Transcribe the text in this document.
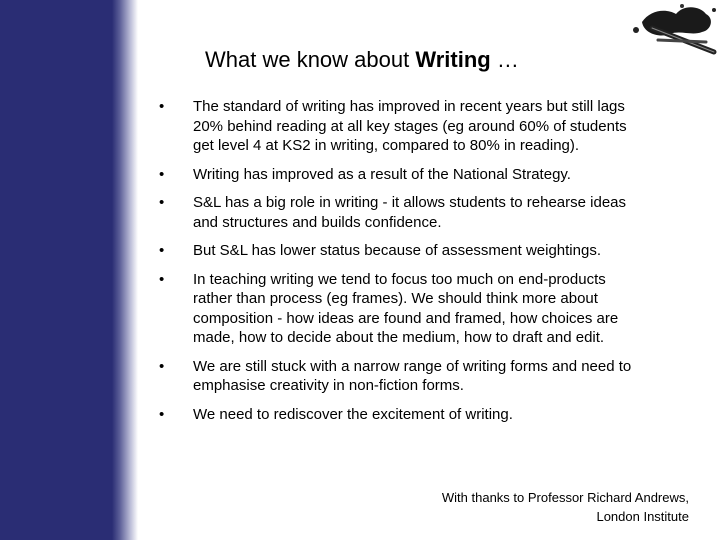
What we know about Writing …
•	The standard of writing has improved in recent years but still lags 20% behind reading at all key stages (eg around 60% of students get level 4 at KS2 in writing, compared to 80% in reading).
•	Writing has improved as a result of the National Strategy.
•	S&L has a big role in writing - it allows students to rehearse ideas and structures and builds confidence.
•	But S&L has lower status because of assessment weightings.
•	In teaching writing we tend to focus too much on end-products rather than process (eg frames). We should think more about composition - how ideas are found and framed, how choices are made, how to decide about the medium, how to draft and edit.
•	We are still stuck with a narrow range of writing forms and need to emphasise creativity in non-fiction forms.
•	We need to rediscover the excitement of writing.
With thanks to Professor Richard Andrews,
London Institute
